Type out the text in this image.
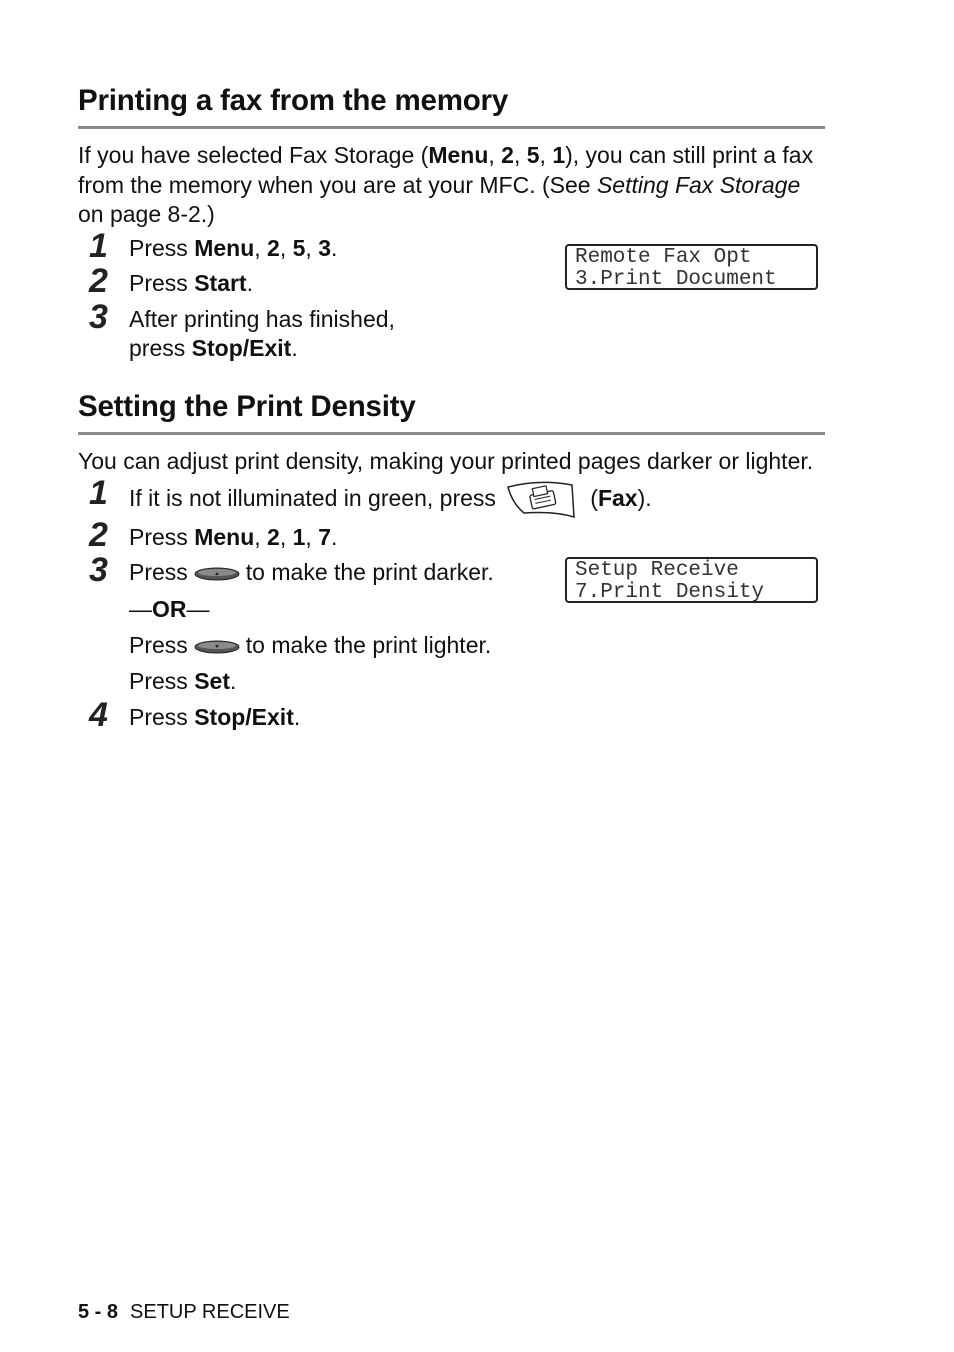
Printing a fax from the memory

If you have selected Fax Storage (Menu, 2, 5, 1), you can still print a fax from the memory when you are at your MFC. (See Setting Fax Storage on page 8-2.)

1 Press Menu, 2, 5, 3.
2 Press Start.
3 After printing has finished,
press Stop/Exit.
Remote Fax Opt
3.Print Document
Setting the Print Density

You can adjust print density, making your printed pages darker or lighter.

1 If it is not illuminated in green, press	(Fax).
2 Press Menu, 2, 1, 7.
3 Press	to make the print darker.
—OR—
Press	to make the print lighter.
Press Set.
4 Press Stop/Exit.
Setup Receive
7.Print Density
5 - 8 SETUP RECEIVE
